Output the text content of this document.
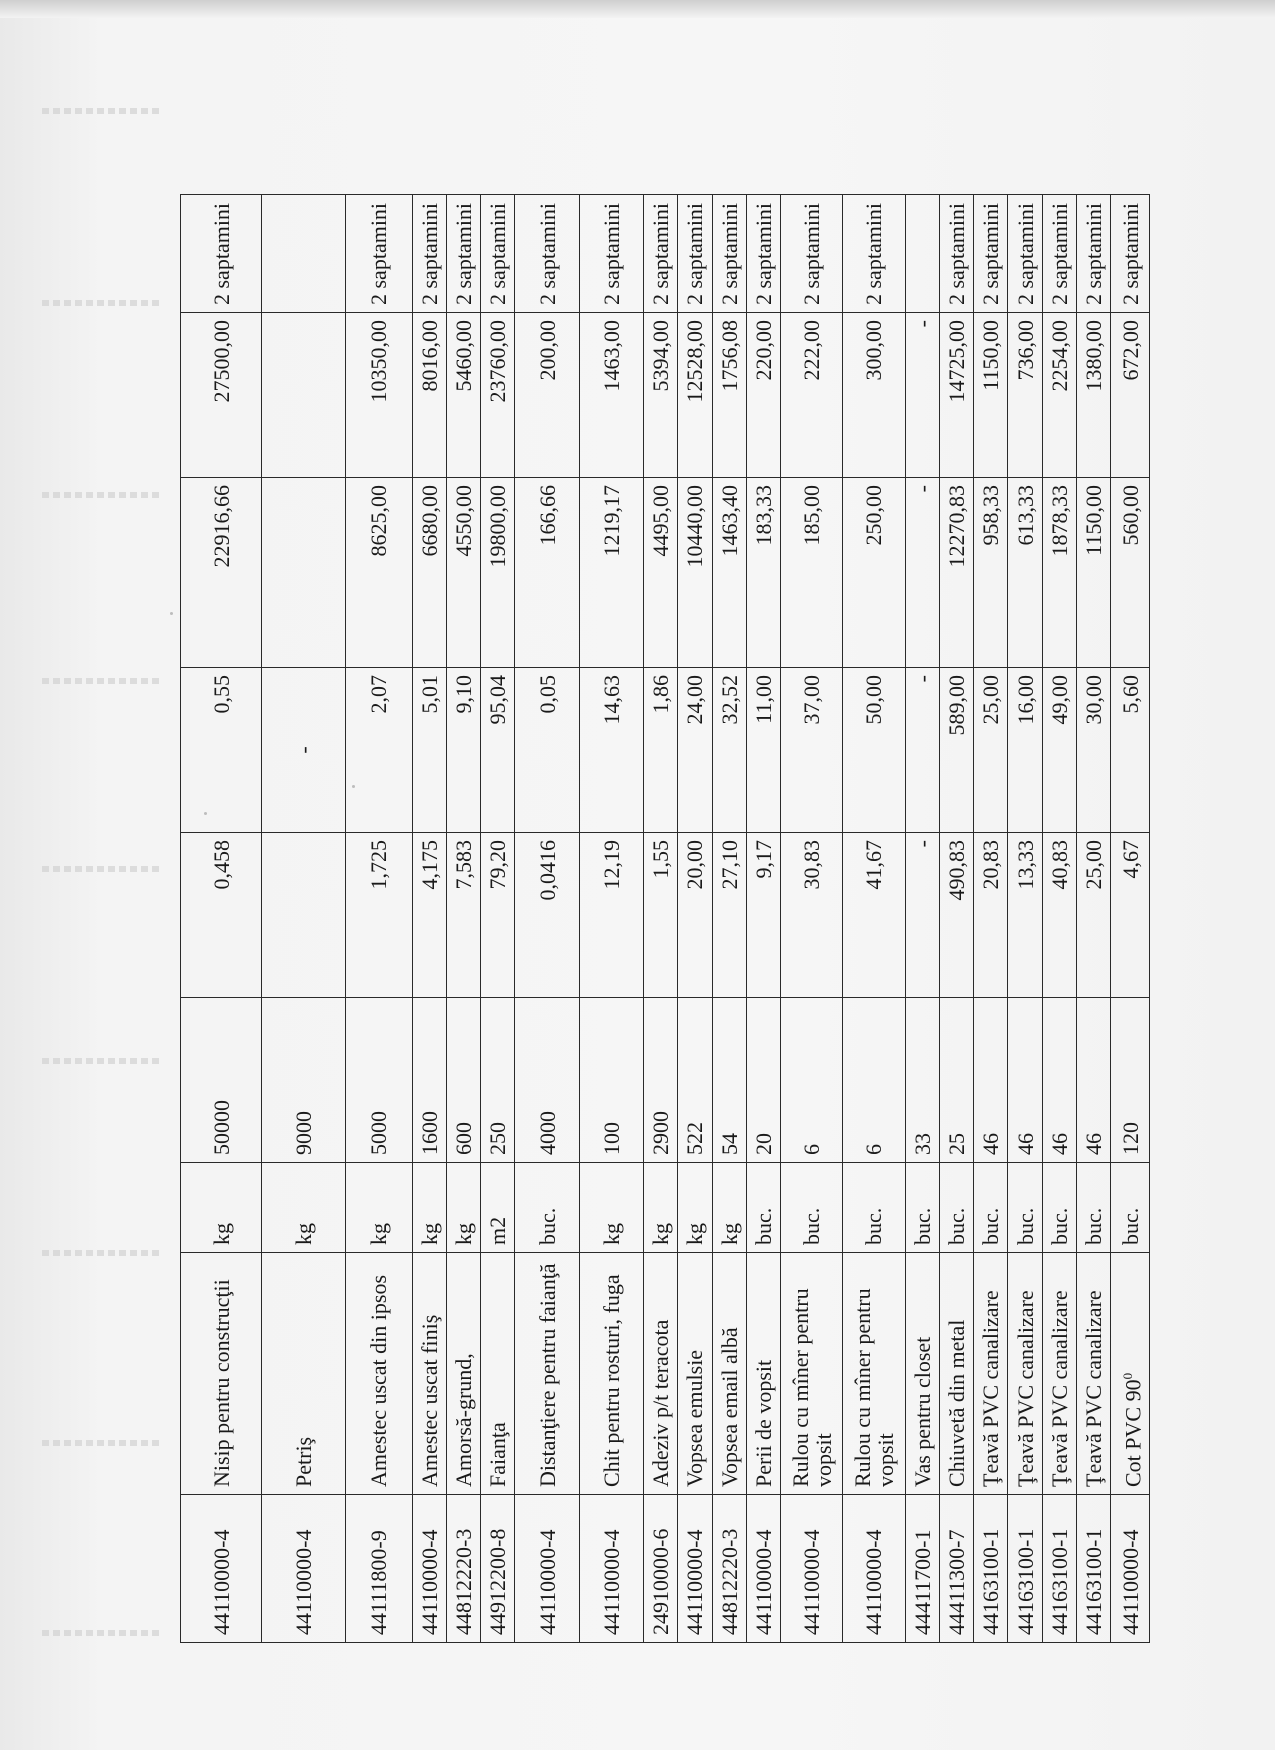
44110000-4	Nisip pentru construcţii	kg	50000	0,458	0,55	22916,66	27500,00	2 saptamini
44110000-4	Petriş	kg	9000		-			
44111800-9	Amestec uscat din ipsos	kg	5000	1,725	2,07	8625,00	10350,00	2 saptamini
44110000-4	Amestec uscat finiş	kg	1600	4,175	5,01	6680,00	8016,00	2 saptamini
44812220-3	Amorsă-grund,	kg	600	7,583	9,10	4550,00	5460,00	2 saptamini
44912200-8	Faianţa	m2	250	79,20	95,04	19800,00	23760,00	2 saptamini
44110000-4	Distanţiere pentru faianţă	buc.	4000	0,0416	0,05	166,66	200,00	2 saptamini
44110000-4	Chit pentru rosturi, fuga	kg	100	12,19	14,63	1219,17	1463,00	2 saptamini
24910000-6	Adeziv p/t teracota	kg	2900	1,55	1,86	4495,00	5394,00	2 saptamini
44110000-4	Vopsea emulsie	kg	522	20,00	24,00	10440,00	12528,00	2 saptamini
44812220-3	Vopsea email albă	kg	54	27,10	32,52	1463,40	1756,08	2 saptamini
44110000-4	Perii de vopsit	buc.	20	9,17	11,00	183,33	220,00	2 saptamini
44110000-4	Rulou cu mîner pentru vopsit	buc.	6	30,83	37,00	185,00	222,00	2 saptamini
44110000-4	Rulou cu mîner pentru vopsit	buc.	6	41,67	50,00	250,00	300,00	2 saptamini
44411700-1	Vas pentru closet	buc.	33	-	-	-	-	
44411300-7	Chiuvetă din metal	buc.	25	490,83	589,00	12270,83	14725,00	2 saptamini
44163100-1	Ţeavă PVC canalizare	buc.	46	20,83	25,00	958,33	1150,00	2 saptamini
44163100-1	Ţeavă PVC canalizare	buc.	46	13,33	16,00	613,33	736,00	2 saptamini
44163100-1	Ţeavă PVC canalizare	buc.	46	40,83	49,00	1878,33	2254,00	2 saptamini
44163100-1	Ţeavă PVC canalizare	buc.	46	25,00	30,00	1150,00	1380,00	2 saptamini
44110000-4	Cot PVC $90^0$	buc.	120	4,67	5,60	560,00	672,00	2 saptamini
